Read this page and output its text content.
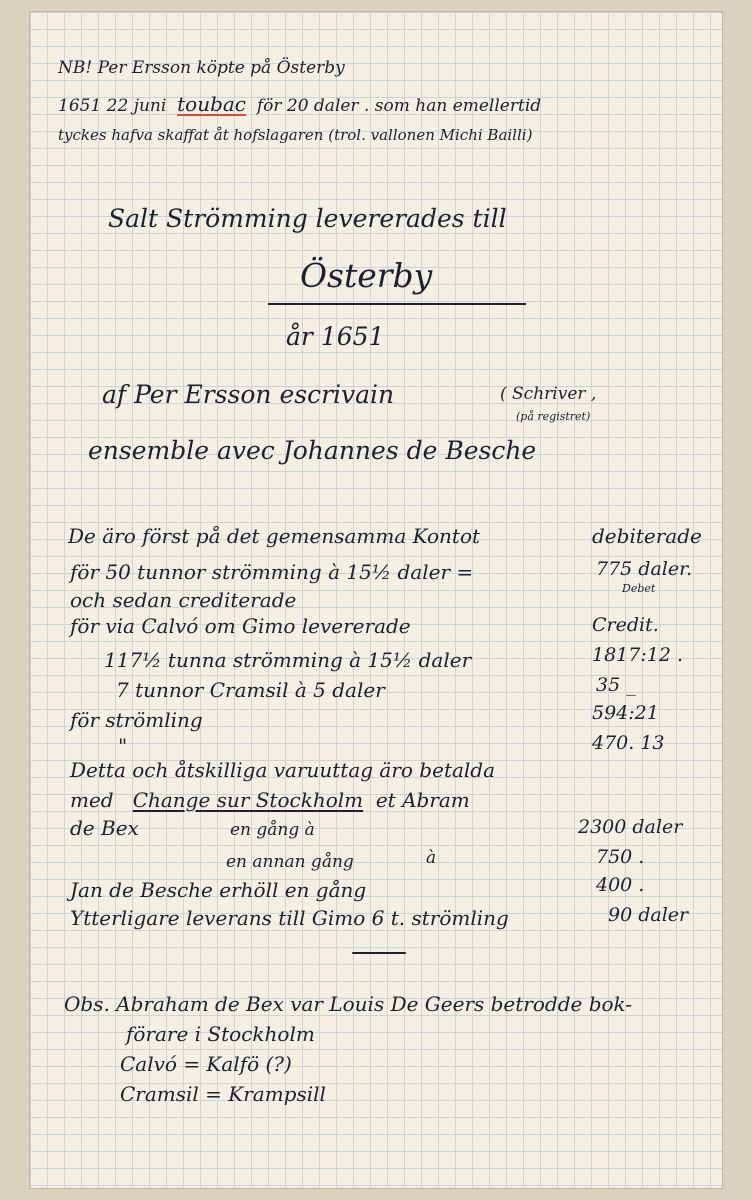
NB! Per Ersson köpte på Österby

1651 22 juni toubac för 20 daler . som han emellertid

tyckes hafva skaffat åt hofslagaren (trol. vallonen Michi Bailli)

Salt Strömming levererades till

Österby

år 1651

af Per Ersson escrivain	( Schriver ,

(på registret)

ensemble avec Johannes de Besche

De äro först på det gemensamma Kontot	debiterade

för 50 tunnor strömming à 15½ daler =	775 daler.

Debet

och sedan crediterade

för via Calvó om Gimo levererade	Credit.

117½ tunna strömming à 15½ daler	1817:12 .

7 tunnor Cramsil à 5 daler	35 _

för strömling	594:21

"	470. 13

Detta och åtskilliga varuuttag äro betalda

med Change sur Stockholm et Abram

de Bex	en gång à	2300 daler

en annan gång	à	750 .

Jan de Besche erhöll en gång	400 .

Ytterligare leverans till Gimo 6 t. strömling	90 daler

Obs. Abraham de Bex var Louis De Geers betrodde bok-

förare i Stockholm

Calvó = Kalfö (?)

Cramsil = Krampsill
